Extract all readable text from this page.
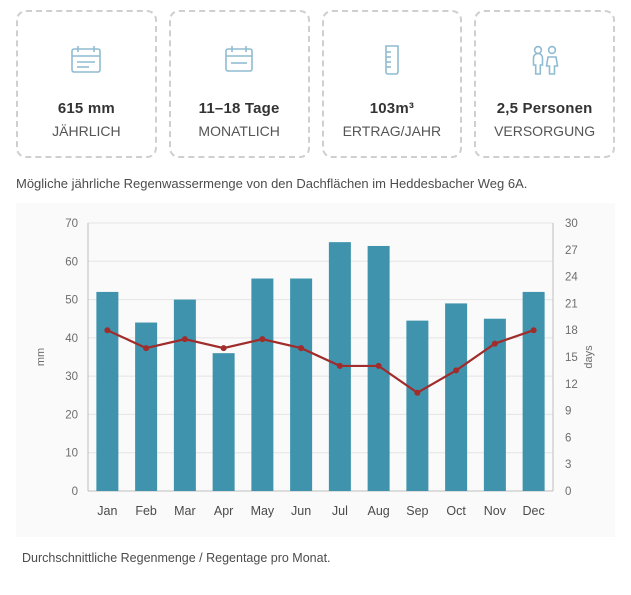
615 mm
JÄHRLICH
11–18 Tage
MONATLICH
103m³
ERTRAG/JAHR
2,5 Personen
VERSORGUNG
Mögliche jährliche Regenwassermenge von den Dachflächen im Heddesbacher Weg 6A.
0
10
20
30
40
50
60
70
0
3
6
9
12
15
18
21
24
27
30
Jan Feb Mar Apr May Jun Jul Aug Sep Oct Nov Dec
mm	days
Durchschnittliche Regenmenge / Regentage pro Monat.
